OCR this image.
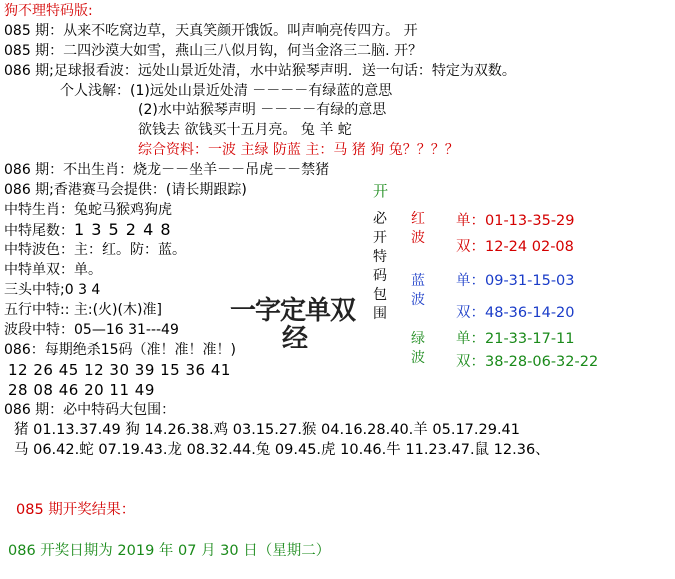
狗不理特码版:
085 期：从来不吃窝边草，天真笑颜开饿饭。叫声响亮传四方。 开
085 期：二四沙漠大如雪，燕山三八似月钩，何当金洛三二脑. 开？
086 期;足球报看波：远处山景近处清，水中站猴琴声明．送一句话：特定为双数。
个人浅解：(1)远处山景近处清 －－－－有绿蓝的意思
(2)水中站猴琴声明 －－－－有绿的意思
欲钱去 欲钱买十五月亮。 兔 羊 蛇
综合资料：一波 主绿 防蓝 主：马 猪 狗 兔？？？？
086 期：不出生肖：烧龙－－坐羊－－吊虎－－禁猪
086 期;香港赛马会提供：(请长期跟踪)
中特生肖：兔蛇马猴鸡狗虎
中特尾数：1 3 5 2 4 8
中特波色：主：红。防：蓝。
中特单双：单。
三头中特;0 3 4
五行中特:: 主:(火)(木)准]
波段中特：05—16 31---49
086：每期绝杀15码（准！准！准！)
12 26 45 12 30 39 15 36 41
28 08 46 20 11 49
086 期：必中特码大包围：
猪 01.13.37.49 狗 14.26.38.鸡 03.15.27.猴 04.16.28.40.羊 05.17.29.41
马 06.42.蛇 07.19.43.龙 08.32.44.兔 09.45.虎 10.46.牛 11.23.47.鼠 12.36、
一字定单双
经
开
必开特码包围
红波
蓝波
绿波
单：01-13-35-29
双：12-24 02-08
单：09-31-15-03
双：48-36-14-20
单：21-33-17-11
双：38-28-06-32-22
085 期开奖结果：
086 开奖日期为 2019 年 07 月 30 日（星期二）
